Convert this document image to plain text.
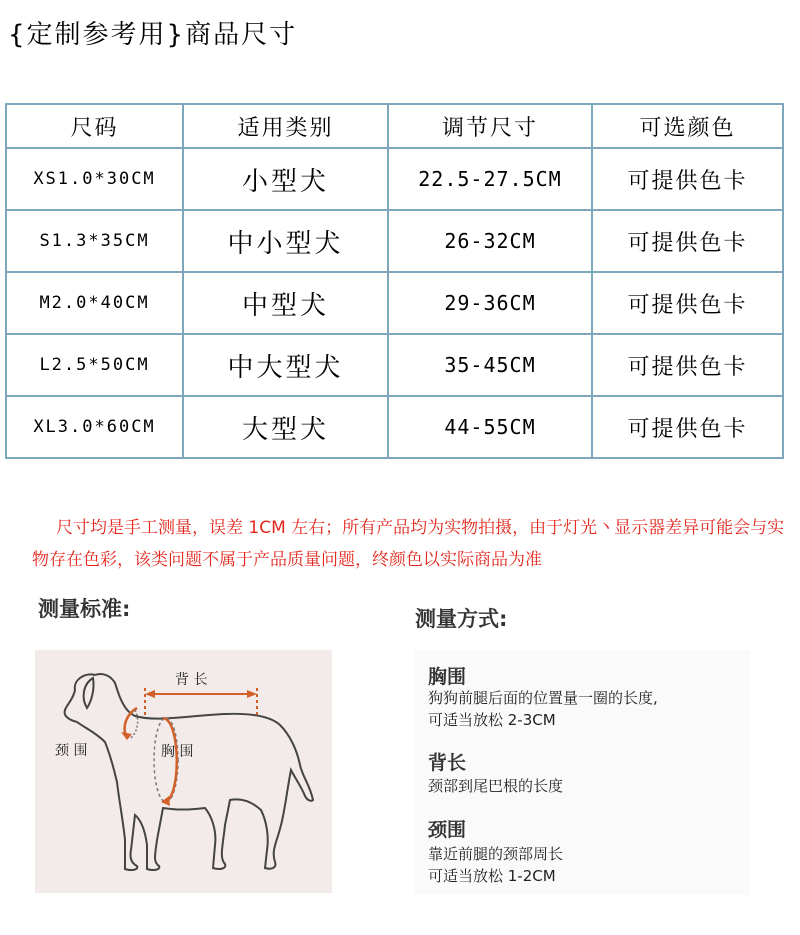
{定制参考用}商品尺寸
尺码	适用类别	调节尺寸	可选颜色
XS1.0*30CM	小型犬	22.5-27.5CM	可提供色卡
S1.3*35CM	中小型犬	26-32CM	可提供色卡
M2.0*40CM	中型犬	29-36CM	可提供色卡
L2.5*50CM	中大型犬	35-45CM	可提供色卡
XL3.0*60CM	大型犬	44-55CM	可提供色卡
尺寸均是手工测量，误差 1CM 左右；所有产品均为实物拍摄，由于灯光丶显示器差异可能会与实物存在色彩，该类问题不属于产品质量问题，终颜色以实际商品为准
测量标准:	测量方式:
背 长
颈 围	胸 围
胸围
狗狗前腿后面的位置量一圈的长度,
可适当放松 2-3CM
背长
颈部到尾巴根的长度
颈围
靠近前腿的颈部周长
可适当放松 1-2CM
